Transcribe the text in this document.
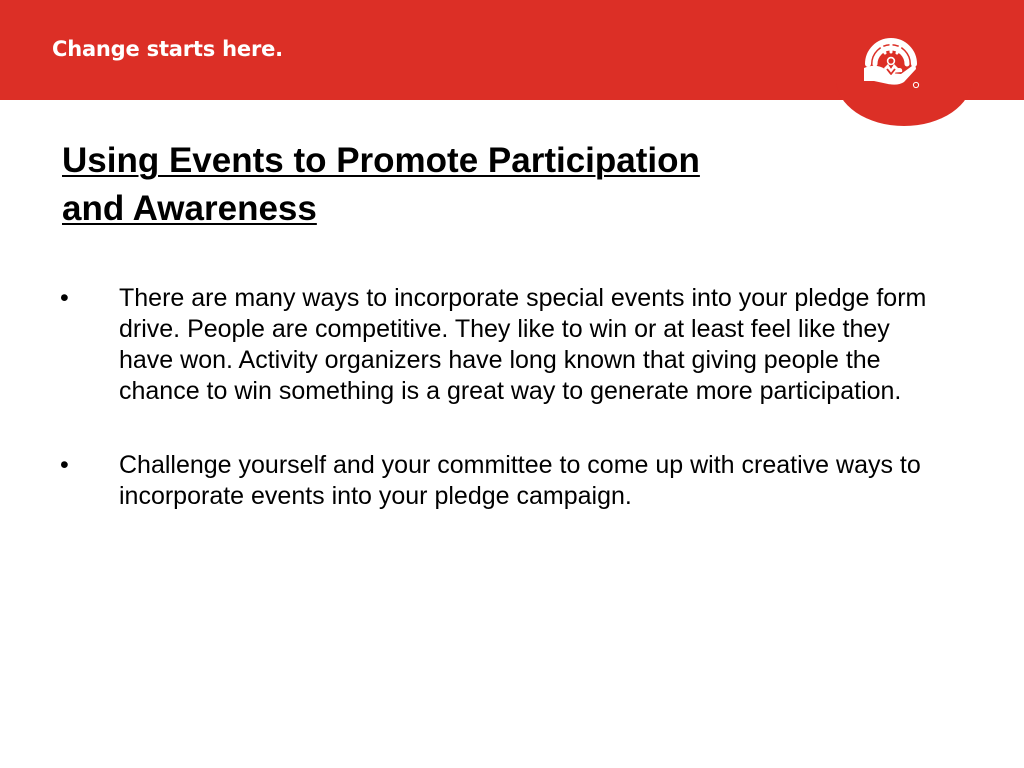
Change starts here.
Using Events to Promote Participation
and Awareness
•	There are many ways to incorporate special events into your pledge form drive. People are competitive. They like to win or at least feel like they have won. Activity organizers have long known that giving people the chance to win something is a great way to generate more participation.
•	Challenge yourself and your committee to come up with creative ways to incorporate events into your pledge campaign.
